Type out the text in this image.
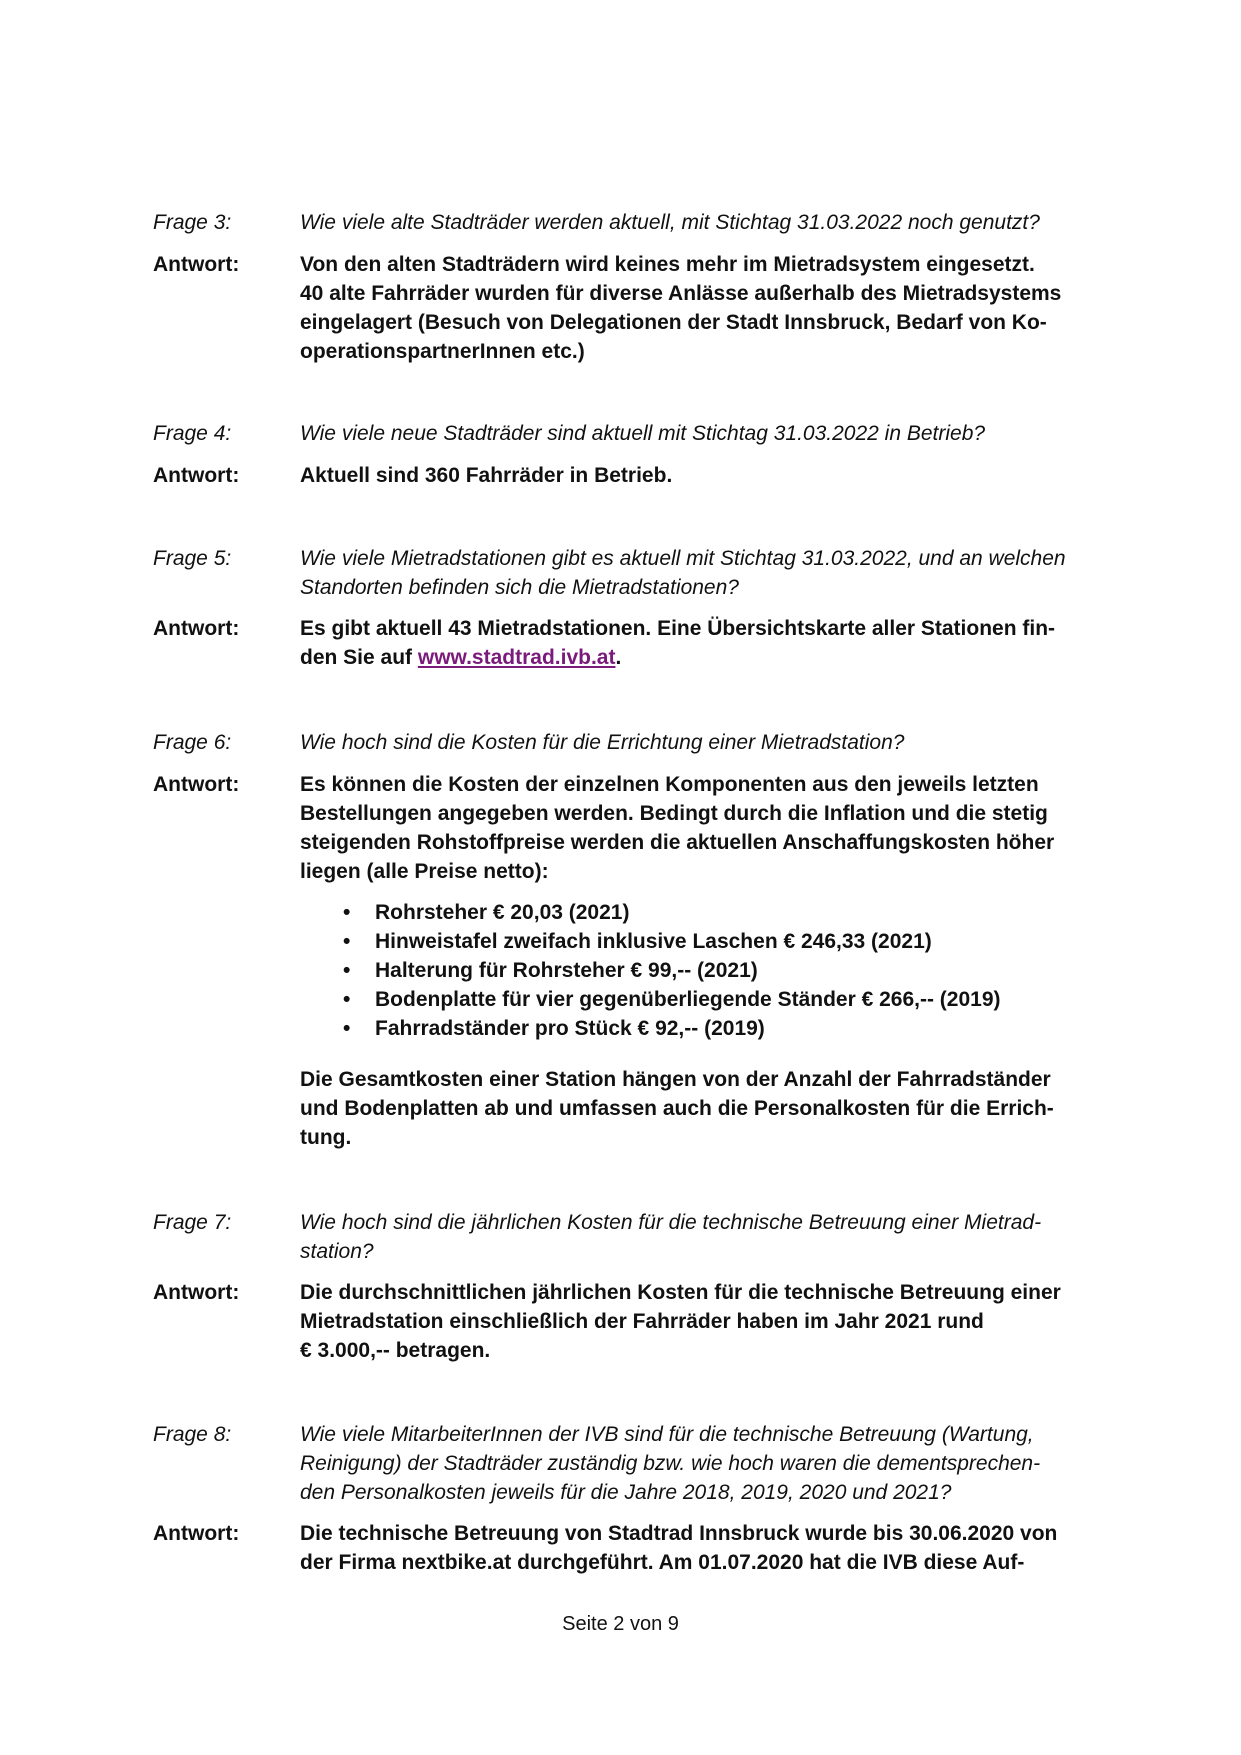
Frage 3:	Wie viele alte Stadträder werden aktuell, mit Stichtag 31.03.2022 noch genutzt?
Antwort:	Von den alten Stadträdern wird keines mehr im Mietradsystem eingesetzt.

40 alte Fahrräder wurden für diverse Anlässe außerhalb des Mietradsystems

eingelagert (Besuch von Delegationen der Stadt Innsbruck, Bedarf von Ko-

operationspartnerInnen etc.)

Frage 4:	Wie viele neue Stadträder sind aktuell mit Stichtag 31.03.2022 in Betrieb?
Antwort:	Aktuell sind 360 Fahrräder in Betrieb.

Frage 5:	Wie viele Mietradstationen gibt es aktuell mit Stichtag 31.03.2022, und an welchen

Standorten befinden sich die Mietradstationen?

Antwort:	Es gibt aktuell 43 Mietradstationen. Eine Übersichtskarte aller Stationen fin-

den Sie auf www.stadtrad.ivb.at.

Frage 6:	Wie hoch sind die Kosten für die Errichtung einer Mietradstation?
Antwort:	Es können die Kosten der einzelnen Komponenten aus den jeweils letzten

Bestellungen angegeben werden. Bedingt durch die Inflation und die stetig

steigenden Rohstoffpreise werden die aktuellen Anschaffungskosten höher

liegen (alle Preise netto):

• Rohrsteher € 20,03 (2021)
• Hinweistafel zweifach inklusive Laschen € 246,33 (2021)
• Halterung für Rohrsteher € 99,-- (2021)
• Bodenplatte für vier gegenüberliegende Ständer € 266,-- (2019)
• Fahrradständer pro Stück € 92,-- (2019)

Die Gesamtkosten einer Station hängen von der Anzahl der Fahrradständer

und Bodenplatten ab und umfassen auch die Personalkosten für die Errich-

tung.

Frage 7:	Wie hoch sind die jährlichen Kosten für die technische Betreuung einer Mietrad-

station?

Antwort:	Die durchschnittlichen jährlichen Kosten für die technische Betreuung einer

Mietradstation einschließlich der Fahrräder haben im Jahr 2021 rund

€ 3.000,-- betragen.

Frage 8:	Wie viele MitarbeiterInnen der IVB sind für die technische Betreuung (Wartung,

Reinigung) der Stadträder zuständig bzw. wie hoch waren die dementsprechen-

den Personalkosten jeweils für die Jahre 2018, 2019, 2020 und 2021?

Antwort:	Die technische Betreuung von Stadtrad Innsbruck wurde bis 30.06.2020 von

der Firma nextbike.at durchgeführt. Am 01.07.2020 hat die IVB diese Auf-

Seite 2 von 9
